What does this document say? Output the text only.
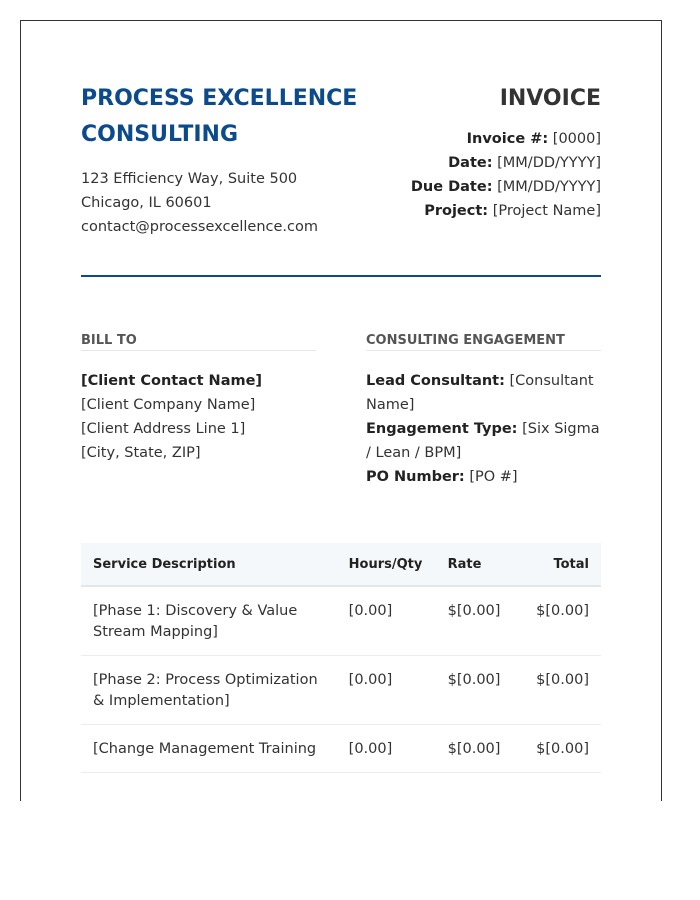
PROCESS EXCELLENCE CONSULTING
123 Efficiency Way, Suite 500
Chicago, IL 60601
contact@processexcellence.com
INVOICE
Invoice #: [0000]
Date: [MM/DD/YYYY]
Due Date: [MM/DD/YYYY]
Project: [Project Name]
BILL TO
[Client Contact Name]
[Client Company Name]
[Client Address Line 1]
[City, State, ZIP]
CONSULTING ENGAGEMENT
Lead Consultant: [Consultant Name]
Engagement Type: [Six Sigma / Lean / BPM]
PO Number: [PO #]
Service Description	Hours/Qty	Rate	Total
[Phase 1: Discovery & Value Stream Mapping]	[0.00]	$[0.00]	$[0.00]
[Phase 2: Process Optimization & Implementation]	[0.00]	$[0.00]	$[0.00]
[Change Management Training	[0.00]	$[0.00]	$[0.00]
